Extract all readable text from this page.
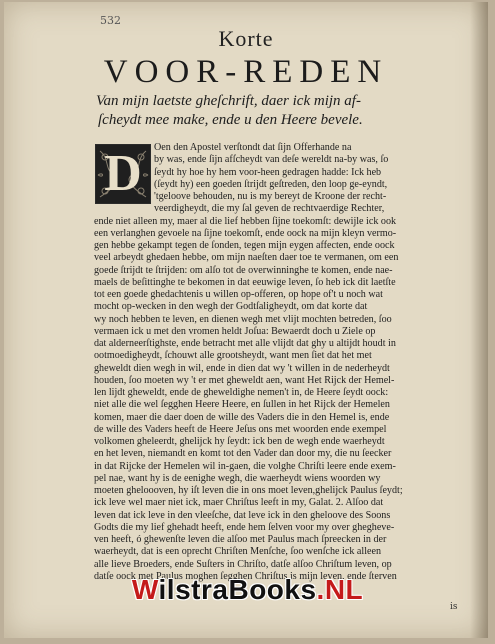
532
Korte
VOOR-REDEN
Van mijn laetste gheſchrift, daer ick mijn af-
ſcheydt mee make, ende u den Heere bevele.
Oen den Apostel verſtondt dat ſijn Offerhande na
by was, ende ſijn afſcheydt van deſe wereldt na-by was, ſo
ſeydt hy hoe hy hem voor-heen gedragen hadde: Ick heb
(ſeydt hy) een goeden ſtrijdt geſtreden, den loop ge-eyndt,
'tgeloove behouden, nu is my bereyt de Kroone der recht-
veerdigheydt, die my ſal geven de rechtvaerdige Rechter,
ende niet alleen my, maer al die lief hebben ſijne toekomſt: dewijle ick ook
een verlanghen gevoele na ſijne toekomſt, ende oock na mijn kleyn vermo-
gen hebbe gekampt tegen de ſonden, tegen mijn eygen affecten, ende oock
veel arbeydt ghedaen hebbe, om mijn naeſten daer toe te vermanen, om een
goede ſtrijdt te ſtrijden: om alſo tot de overwinninghe te komen, ende nae-
maels de beſittinghe te bekomen in dat eeuwige leven, ſo heb ick dit laetſte
tot een goede ghedachtenis u willen op-offeren, op hope of't u noch wat
mocht op-wecken in den wegh der Godtſaligheydt, om dat korte dat
wy noch hebben te leven, en dienen wegh met vlijt mochten betreden, ſoo
vermaen ick u met den vromen heldt Joſua: Bewaerdt doch u Ziele op
dat alderneerſtighste, ende betracht met alle vlijdt dat ghy u altijdt houdt in
ootmoedigheydt, ſchouwt alle grootsheydt, want men ſiet dat het met
gheweldt dien wegh in wil, ende in dien dat wy 't willen in de nederheydt
houden, ſoo moeten wy 't er met gheweldt aen, want Het Rijck der Hemel-
len lijdt gheweldt, ende de gheweldighe nemen't in, de Heere ſeydt oock:
niet alle die wel ſegghen Heere Heere, en ſullen in het Rijck der Hemelen
komen, maer die daer doen de wille des Vaders die in den Hemel is, ende
de wille des Vaders heeft de Heere Jeſus ons met woorden ende exempel
volkomen gheleerdt, ghelijck hy ſeydt: ick ben de wegh ende waerheydt
en het leven, niemandt en komt tot den Vader dan door my, die nu ſeecker
in dat Rijcke der Hemelen wil in-gaen, die volghe Chriſti leere ende exem-
pel nae, want hy is de eenighe wegh, die waerheydt wiens woorden wy
moeten gheloooven, hy iſt leven die in ons moet leven,ghelijck Paulus ſeydt;
ick leve wel maer niet ick, maer Chriſtus leeft in my, Galat. 2. Alſoo dat
leven dat ick leve in den vleeſche, dat leve ick in den gheloove des Soons
Godts die my lief ghehadt heeft, ende hem ſelven voor my over ghegheve-
ven heeft, ó ghewenſte leven die alſoo met Paulus mach ſpreecken in der
waerheydt, dat is een oprecht Chriſten Menſche, ſoo wenſche ick alleen
alle lieve Broeders, ende Suſters in Chriſto, datſe alſoo Chriſtum leven, op
datſe oock met Paulus moghen ſegghen Chriſtus is mijn leven, ende ſterven
D
is
WilstraBooks.NL
